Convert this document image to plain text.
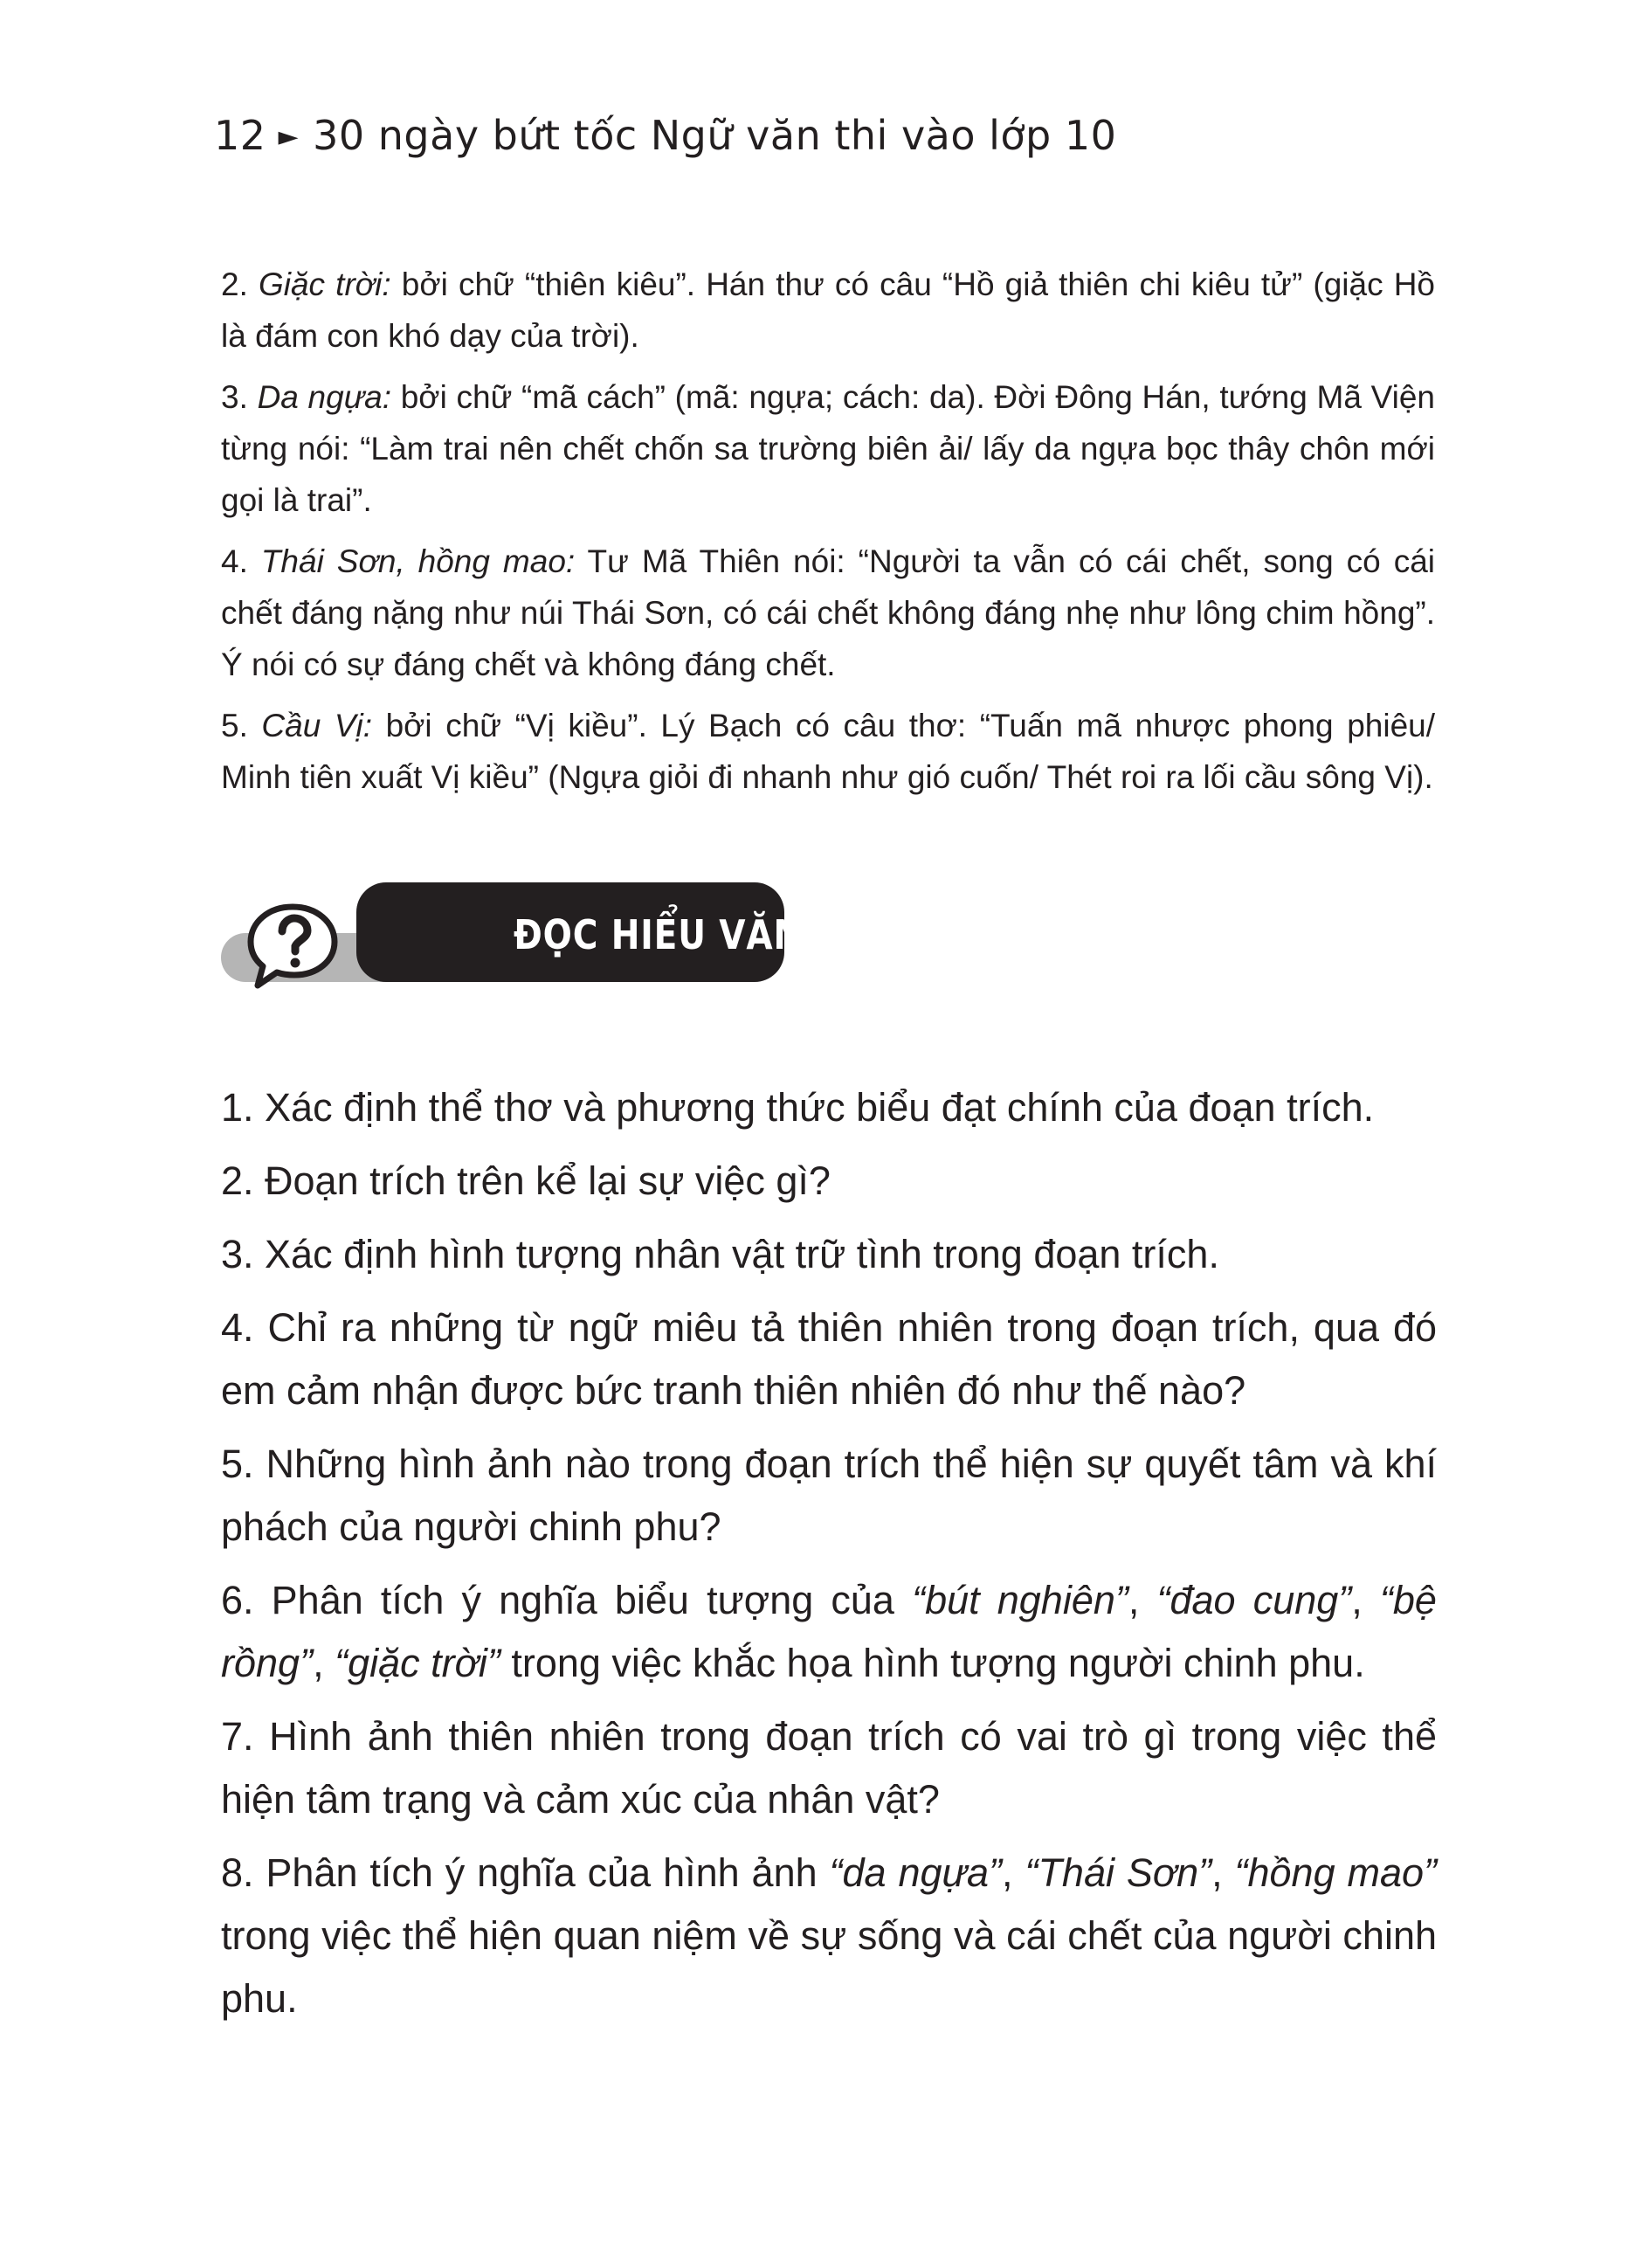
12 ► 30 ngày bứt tốc Ngữ văn thi vào lớp 10

2. Giặc trời: bởi chữ “thiên kiêu”. Hán thư có câu “Hồ giả thiên chi kiêu tử” (giặc Hồ là đám con khó dạy của trời).

3. Da ngựa: bởi chữ “mã cách” (mã: ngựa; cách: da). Đời Đông Hán, tướng Mã Viện từng nói: “Làm trai nên chết chốn sa trường biên ải/ lấy da ngựa bọc thây chôn mới gọi là trai”.

4. Thái Sơn, hồng mao: Tư Mã Thiên nói: “Người ta vẫn có cái chết, song có cái chết đáng nặng như núi Thái Sơn, có cái chết không đáng nhẹ như lông chim hồng”. Ý nói có sự đáng chết và không đáng chết.

5. Cầu Vị: bởi chữ “Vị kiều”. Lý Bạch có câu thơ: “Tuấn mã nhược phong phiêu/ Minh tiên xuất Vị kiều” (Ngựa giỏi đi nhanh như gió cuốn/ Thét roi ra lối cầu sông Vị).

ĐỌC HIỂU VĂN BẢN:

1. Xác định thể thơ và phương thức biểu đạt chính của đoạn trích.

2. Đoạn trích trên kể lại sự việc gì?

3. Xác định hình tượng nhân vật trữ tình trong đoạn trích.

4. Chỉ ra những từ ngữ miêu tả thiên nhiên trong đoạn trích, qua đó em cảm nhận được bức tranh thiên nhiên đó như thế nào?

5. Những hình ảnh nào trong đoạn trích thể hiện sự quyết tâm và khí phách của người chinh phu?

6. Phân tích ý nghĩa biểu tượng của “bút nghiên”, “đao cung”, “bệ rồng”, “giặc trời” trong việc khắc họa hình tượng người chinh phu.

7. Hình ảnh thiên nhiên trong đoạn trích có vai trò gì trong việc thể hiện tâm trạng và cảm xúc của nhân vật?

8. Phân tích ý nghĩa của hình ảnh “da ngựa”, “Thái Sơn”, “hồng mao” trong việc thể hiện quan niệm về sự sống và cái chết của người chinh phu.
